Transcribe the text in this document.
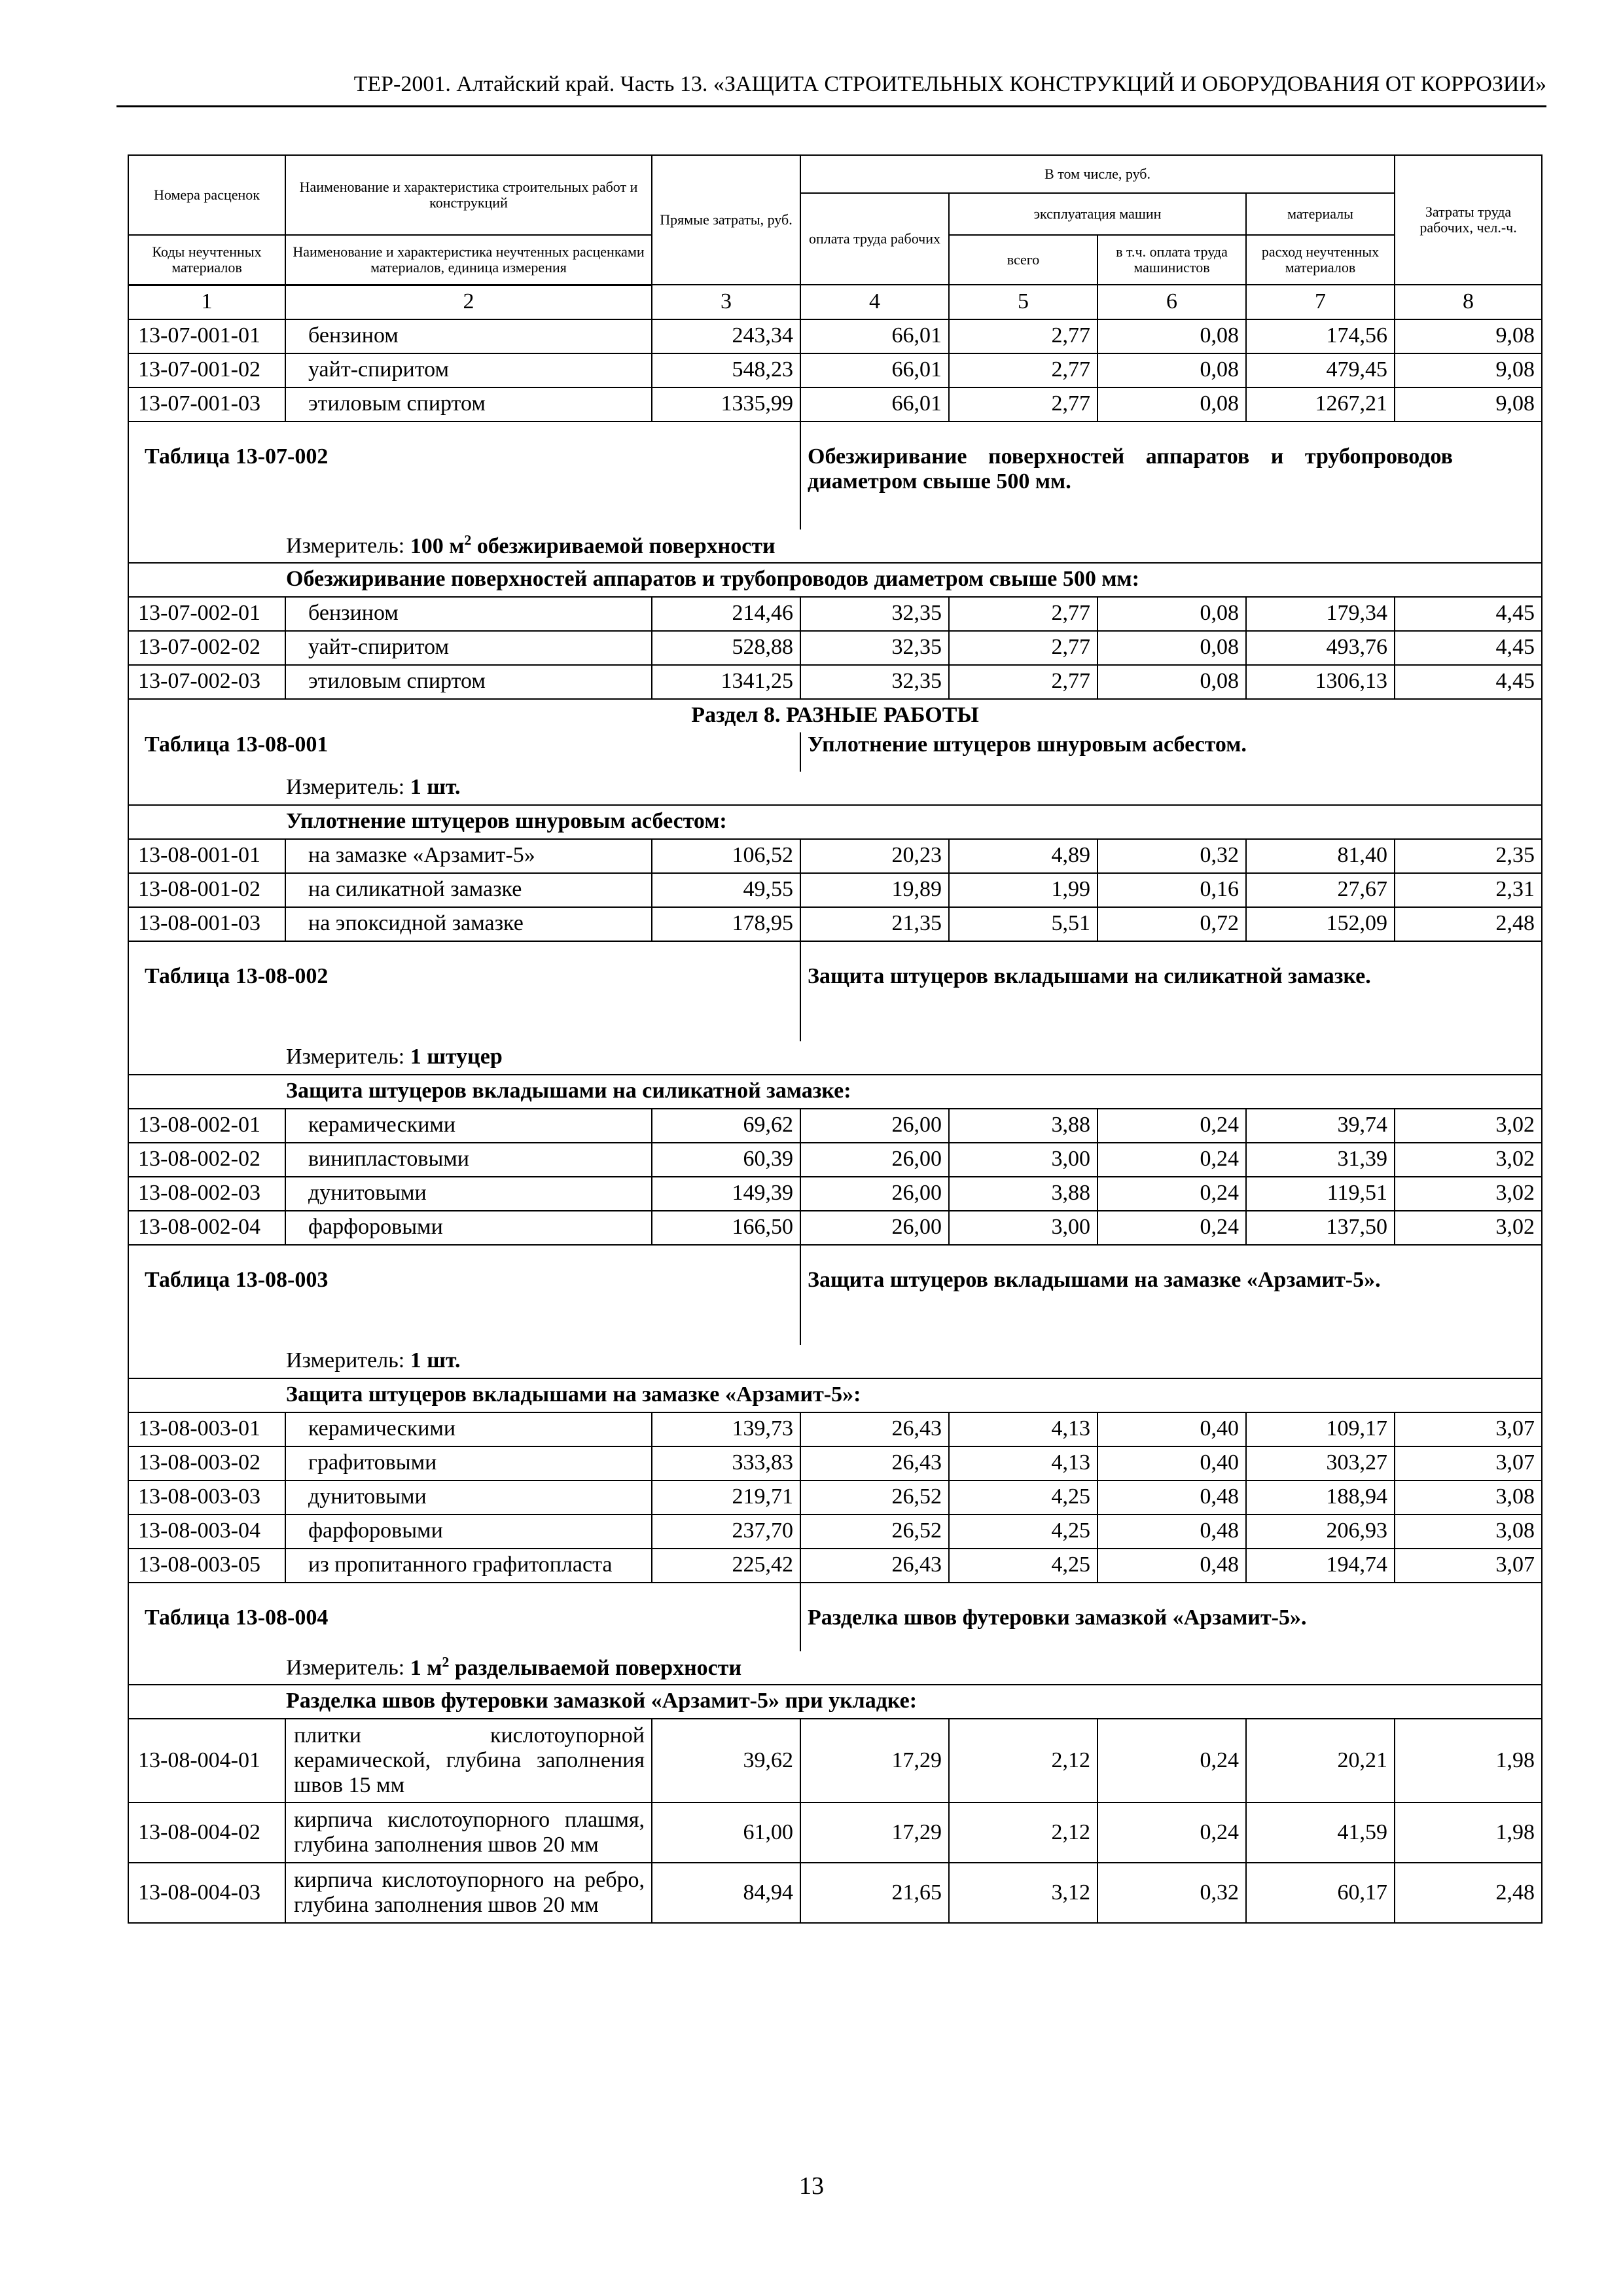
ТЕР-2001. Алтайский край. Часть 13. «ЗАЩИТА СТРОИТЕЛЬНЫХ КОНСТРУКЦИЙ И ОБОРУДОВАНИЯ ОТ КОРРОЗИИ»
Номера расценок	Наименование и характеристика строительных работ и конструкций	Прямые затраты, руб.	В том числе, руб.				Затраты труда рабочих, чел.-ч.
			оплата труда рабочих	эксплуатация машин		материалы	
Коды неучтенных материалов	Наименование и характеристика неучтенных расценками материалов, единица измерения			всего	в т.ч. оплата труда машинистов	расход неучтенных материалов	
1	2	3	4	5	6	7	8
13-07-001-01	бензином	243,34	66,01	2,77	0,08	174,56	9,08
13-07-001-02	уайт-спиритом	548,23	66,01	2,77	0,08	479,45	9,08
13-07-001-03	этиловым спиртом	1335,99	66,01	2,77	0,08	1267,21	9,08
Таблица 13-07-002			Обезжиривание поверхностей аппаратов и трубопроводов диаметром свыше 500 мм.				
Измеритель: 100 $м^2$ обезжириваемой поверхности							
Обезжиривание поверхностей аппаратов и трубопроводов диаметром свыше 500 мм:							
13-07-002-01	бензином	214,46	32,35	2,77	0,08	179,34	4,45
13-07-002-02	уайт-спиритом	528,88	32,35	2,77	0,08	493,76	4,45
13-07-002-03	этиловым спиртом	1341,25	32,35	2,77	0,08	1306,13	4,45
Раздел 8. РАЗНЫЕ РАБОТЫ							
Таблица 13-08-001			Уплотнение штуцеров шнуровым асбестом.				
Измеритель: 1 шт.							
Уплотнение штуцеров шнуровым асбестом:							
13-08-001-01	на замазке «Арзамит-5»	106,52	20,23	4,89	0,32	81,40	2,35
13-08-001-02	на силикатной замазке	49,55	19,89	1,99	0,16	27,67	2,31
13-08-001-03	на эпоксидной замазке	178,95	21,35	5,51	0,72	152,09	2,48
Таблица 13-08-002			Защита штуцеров вкладышами на силикатной замазке.				
Измеритель: 1 штуцер							
Защита штуцеров вкладышами на силикатной замазке:							
13-08-002-01	керамическими	69,62	26,00	3,88	0,24	39,74	3,02
13-08-002-02	винипластовыми	60,39	26,00	3,00	0,24	31,39	3,02
13-08-002-03	дунитовыми	149,39	26,00	3,88	0,24	119,51	3,02
13-08-002-04	фарфоровыми	166,50	26,00	3,00	0,24	137,50	3,02
Таблица 13-08-003			Защита штуцеров вкладышами на замазке «Арзамит-5».				
Измеритель: 1 шт.							
Защита штуцеров вкладышами на замазке «Арзамит-5»:							
13-08-003-01	керамическими	139,73	26,43	4,13	0,40	109,17	3,07
13-08-003-02	графитовыми	333,83	26,43	4,13	0,40	303,27	3,07
13-08-003-03	дунитовыми	219,71	26,52	4,25	0,48	188,94	3,08
13-08-003-04	фарфоровыми	237,70	26,52	4,25	0,48	206,93	3,08
13-08-003-05	из пропитанного графитопласта	225,42	26,43	4,25	0,48	194,74	3,07
Таблица 13-08-004			Разделка швов футеровки замазкой «Арзамит-5».				
Измеритель: 1 $м^2$ разделываемой поверхности							
Разделка швов футеровки замазкой «Арзамит-5» при укладке:							
13-08-004-01	плитки кислотоупорной керамической, глубина заполнения швов 15 мм	39,62	17,29	2,12	0,24	20,21	1,98
13-08-004-02	кирпича кислотоупорного плашмя, глубина заполнения швов 20 мм	61,00	17,29	2,12	0,24	41,59	1,98
13-08-004-03	кирпича кислотоупорного на ребро, глубина заполнения швов 20 мм	84,94	21,65	3,12	0,32	60,17	2,48
13
